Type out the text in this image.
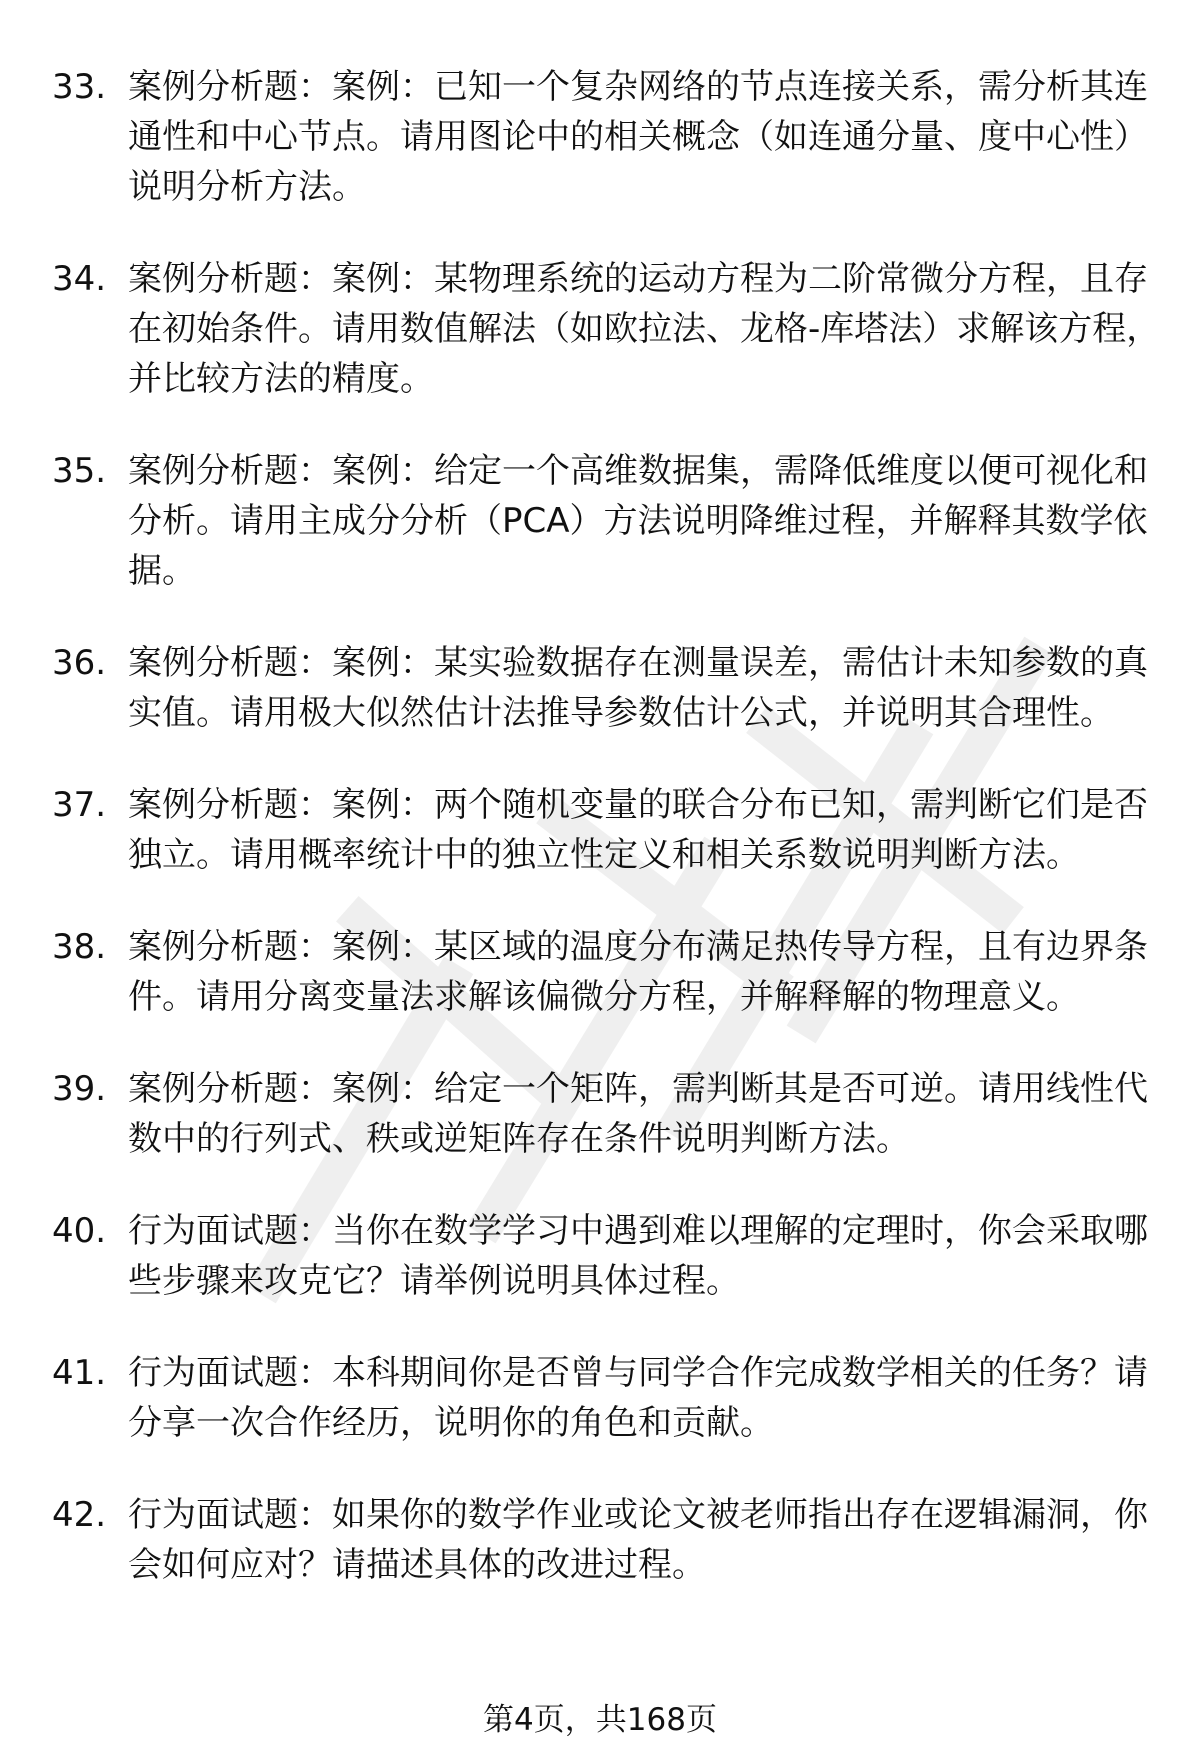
33. 案例分析题：案例：已知一个复杂网络的节点连接关系，需分析其连通性和中心节点。请用图论中的相关概念（如连通分量、度中心性）说明分析方法。
34. 案例分析题：案例：某物理系统的运动方程为二阶常微分方程，且存在初始条件。请用数值解法（如欧拉法、龙格-库塔法）求解该方程，并比较方法的精度。
35. 案例分析题：案例：给定一个高维数据集，需降低维度以便可视化和分析。请用主成分分析（PCA）方法说明降维过程，并解释其数学依据。
36. 案例分析题：案例：某实验数据存在测量误差，需估计未知参数的真实值。请用极大似然估计法推导参数估计公式，并说明其合理性。
37. 案例分析题：案例：两个随机变量的联合分布已知，需判断它们是否独立。请用概率统计中的独立性定义和相关系数说明判断方法。
38. 案例分析题：案例：某区域的温度分布满足热传导方程，且有边界条件。请用分离变量法求解该偏微分方程，并解释解的物理意义。
39. 案例分析题：案例：给定一个矩阵，需判断其是否可逆。请用线性代数中的行列式、秩或逆矩阵存在条件说明判断方法。
40. 行为面试题：当你在数学学习中遇到难以理解的定理时，你会采取哪些步骤来攻克它？请举例说明具体过程。
41. 行为面试题：本科期间你是否曾与同学合作完成数学相关的任务？请分享一次合作经历，说明你的角色和贡献。
42. 行为面试题：如果你的数学作业或论文被老师指出存在逻辑漏洞，你会如何应对？请描述具体的改进过程。
第4页，共168页
